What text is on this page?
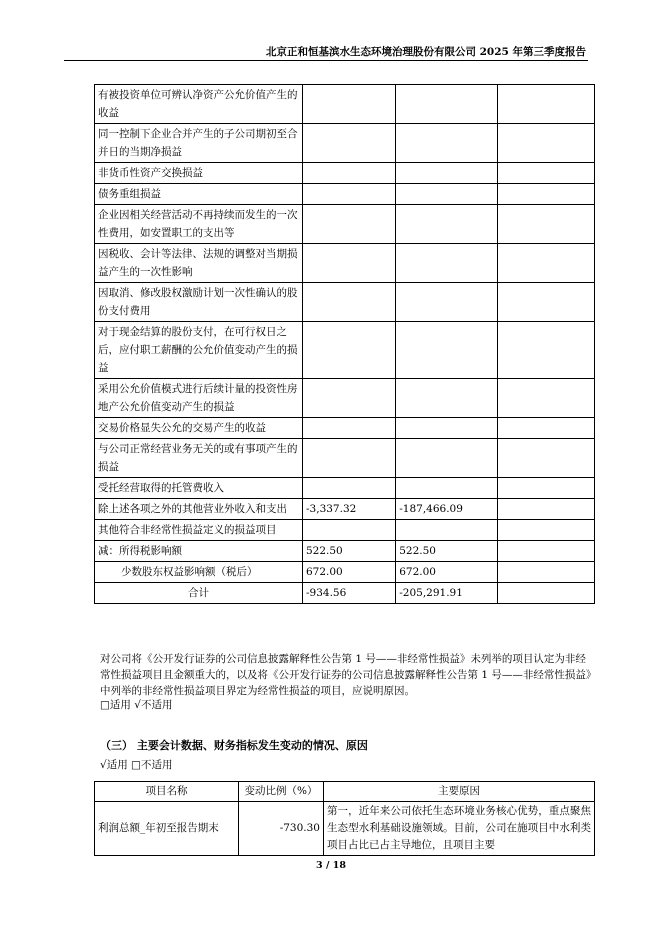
北京正和恒基滨水生态环境治理股份有限公司 2025 年第三季度报告
有被投资单位可辨认净资产公允价值产生的收益			
同一控制下企业合并产生的子公司期初至合并日的当期净损益			
非货币性资产交换损益			
债务重组损益			
企业因相关经营活动不再持续而发生的一次性费用，如安置职工的支出等			
因税收、会计等法律、法规的调整对当期损益产生的一次性影响			
因取消、修改股权激励计划一次性确认的股份支付费用			
对于现金结算的股份支付，在可行权日之后，应付职工薪酬的公允价值变动产生的损益			
采用公允价值模式进行后续计量的投资性房地产公允价值变动产生的损益			
交易价格显失公允的交易产生的收益			
与公司正常经营业务无关的或有事项产生的损益			
受托经营取得的托管费收入			
除上述各项之外的其他营业外收入和支出	-3,337.32	-187,466.09	
其他符合非经常性损益定义的损益项目			
减：所得税影响额	522.50	522.50	
少数股东权益影响额（税后）	672.00	672.00	
合计	-934.56	-205,291.91	
对公司将《公开发行证券的公司信息披露解释性公告第 1 号——非经常性损益》未列举的项目认定为非经常性损益项目且金额重大的，以及将《公开发行证券的公司信息披露解释性公告第 1 号——非经常性损益》中列举的非经常性损益项目界定为经常性损益的项目，应说明原因。
□适用 √不适用
（三） 主要会计数据、财务指标发生变动的情况、原因
√适用 □不适用
项目名称	变动比例（%）	主要原因
利润总额_年初至报告期末	-730.30	第一，近年来公司依托生态环境业务核心优势，重点聚焦生态型水利基础设施领域。目前，公司在施项目中水利类项目占比已占主导地位，且项目主要
3 / 18
